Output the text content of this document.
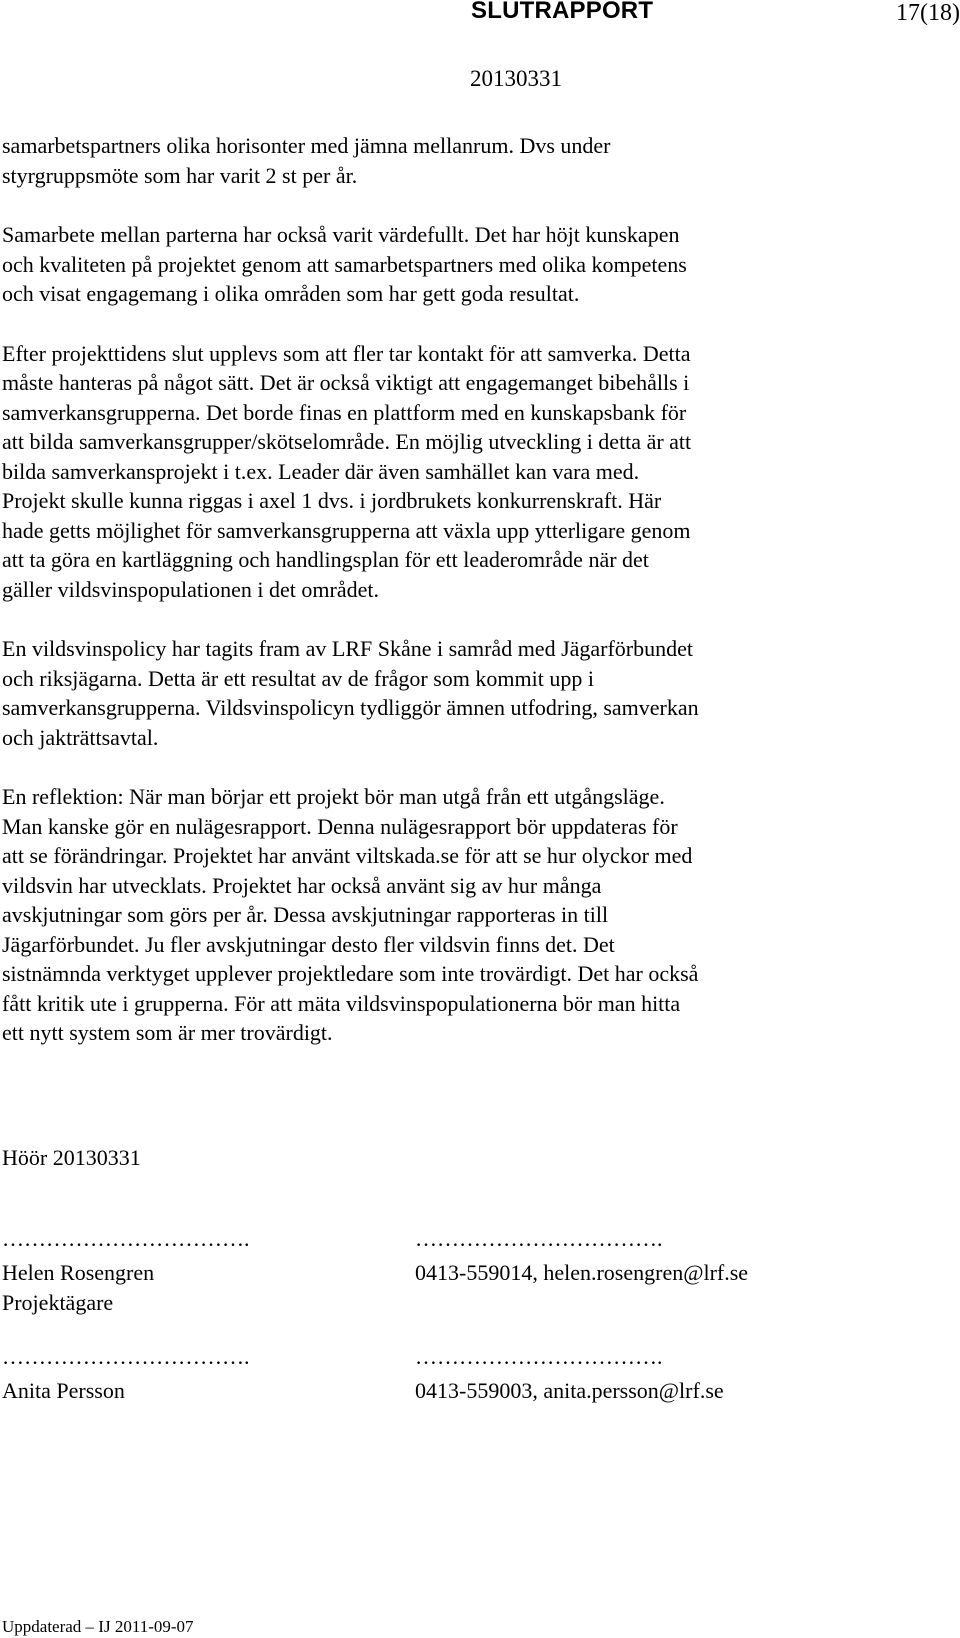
SLUTRAPPORT	17(18)
20130331

samarbetspartners olika horisonter med jämna mellanrum. Dvs under
styrgruppsmöte som har varit 2 st per år.

Samarbete mellan parterna har också varit värdefullt. Det har höjt kunskapen
och kvaliteten på projektet genom att samarbetspartners med olika kompetens
och visat engagemang i olika områden som har gett goda resultat.

Efter projekttidens slut upplevs som att fler tar kontakt för att samverka. Detta
måste hanteras på något sätt. Det är också viktigt att engagemanget bibehålls i
samverkansgrupperna. Det borde finas en plattform med en kunskapsbank för
att bilda samverkansgrupper/skötselområde. En möjlig utveckling i detta är att
bilda samverkansprojekt i t.ex. Leader där även samhället kan vara med.
Projekt skulle kunna riggas i axel 1 dvs. i jordbrukets konkurrenskraft. Här
hade getts möjlighet för samverkansgrupperna att växla upp ytterligare genom
att ta göra en kartläggning och handlingsplan för ett leaderområde när det
gäller vildsvinspopulationen i det området.

En vildsvinspolicy har tagits fram av LRF Skåne i samråd med Jägarförbundet
och riksjägarna. Detta är ett resultat av de frågor som kommit upp i
samverkansgrupperna. Vildsvinspolicyn tydliggör ämnen utfodring, samverkan
och jakträttsavtal.

En reflektion: När man börjar ett projekt bör man utgå från ett utgångsläge.
Man kanske gör en nulägesrapport. Denna nulägesrapport bör uppdateras för
att se förändringar. Projektet har använt viltskada.se för att se hur olyckor med
vildsvin har utvecklats. Projektet har också använt sig av hur många
avskjutningar som görs per år. Dessa avskjutningar rapporteras in till
Jägarförbundet. Ju fler avskjutningar desto fler vildsvin finns det. Det
sistnämnda verktyget upplever projektledare som inte trovärdigt. Det har också
fått kritik ute i grupperna. För att mäta vildsvinspopulationerna bör man hitta
ett nytt system som är mer trovärdigt.

Höör 20130331
…………………………….	…………………………….
Helen Rosengren	0413-559014, helen.rosengren@lrf.se
Projektägare
…………………………….	…………………………….
Anita Persson	0413-559003, anita.persson@lrf.se
Uppdaterad – IJ 2011-09-07
